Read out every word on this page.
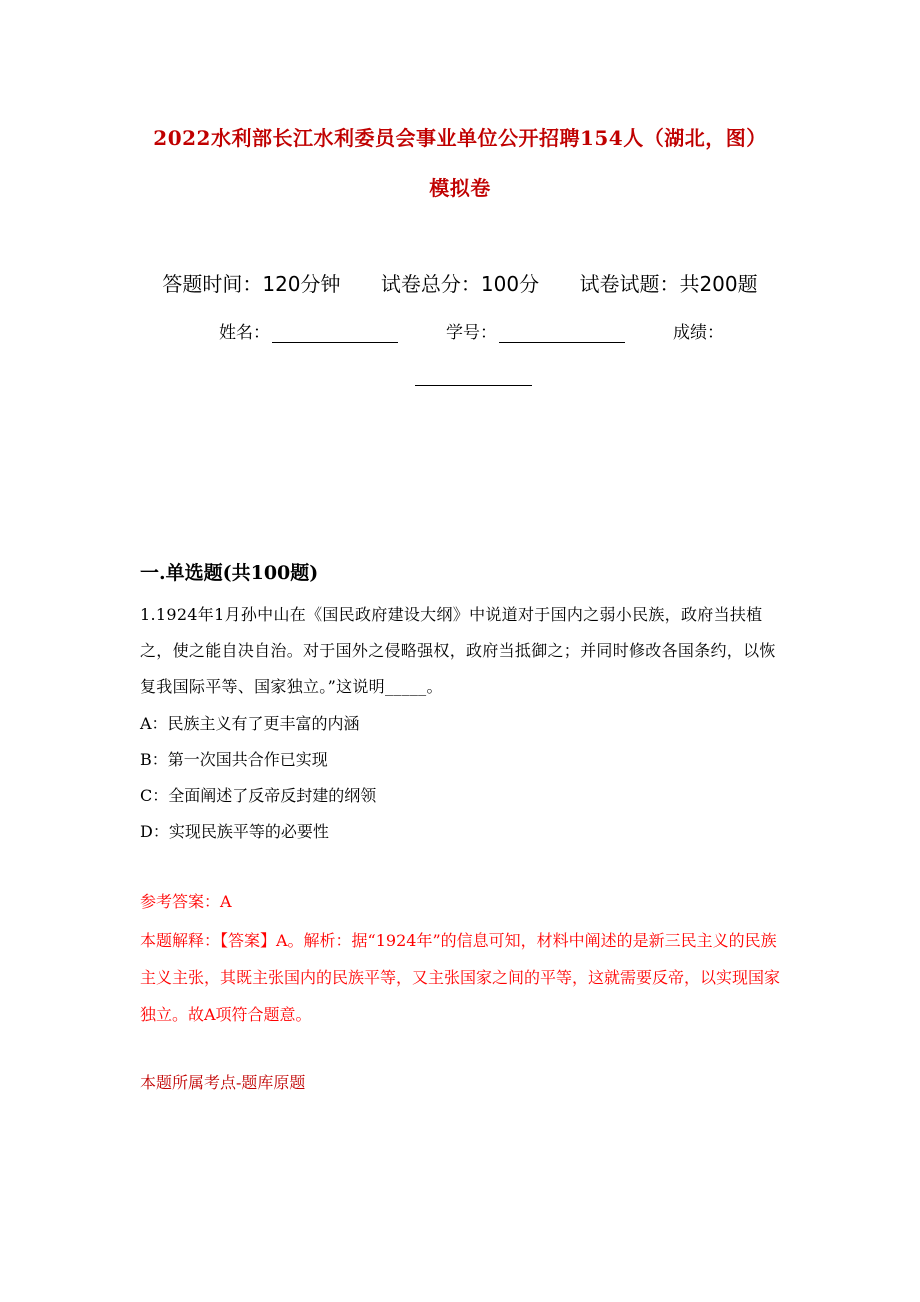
2022水利部长江水利委员会事业单位公开招聘154人（湖北，图）
模拟卷
答题时间：120分钟 试卷总分：100分 试卷试题：共200题
姓名：	学号：	成绩：
一.单选题(共100题)
1.1924年1月孙中山在《国民政府建设大纲》中说道对于国内之弱小民族，政府当扶植之，使之能自决自治。对于国外之侵略强权，政府当抵御之；并同时修改各国条约，以恢复我国际平等、国家独立。”这说明_____。
A：民族主义有了更丰富的内涵
B：第一次国共合作已实现
C：全面阐述了反帝反封建的纲领
D：实现民族平等的必要性
参考答案：A
本题解释：【答案】A。解析：据“1924年”的信息可知，材料中阐述的是新三民主义的民族主义主张，其既主张国内的民族平等，又主张国家之间的平等，这就需要反帝，以实现国家独立。故A项符合题意。
本题所属考点-题库原题
